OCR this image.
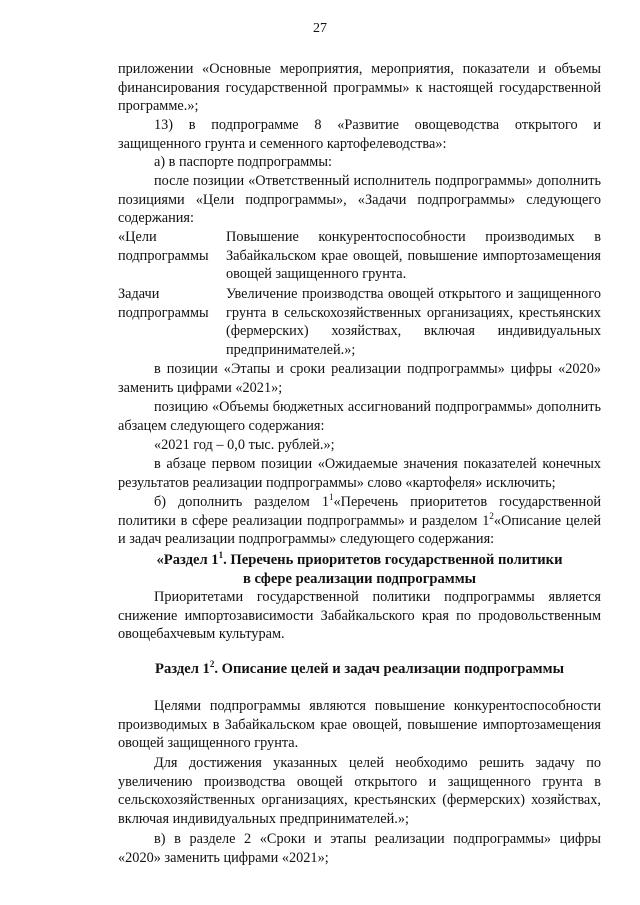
27

приложении «Основные мероприятия, мероприятия, показатели и объемы финансирования государственной программы» к настоящей государственной программе.»;

13) в подпрограмме 8 «Развитие овощеводства открытого и защищенного грунта и семенного картофелеводства»:

а) в паспорте подпрограммы:

после позиции «Ответственный исполнитель подпрограммы» дополнить позициями «Цели подпрограммы», «Задачи подпрограммы» следующего содержания:

«Цели подпрограммы
Повышение конкурентоспособности производимых в Забайкальском крае овощей, повышение импортозамещения овощей защищенного грунта.
Задачи подпрограммы
Увеличение производства овощей открытого и защищенного грунта в сельскохозяйственных организациях, крестьянских (фермерских) хозяйствах, включая индивидуальных предпринимателей.»;

в позиции «Этапы и сроки реализации подпрограммы» цифры «2020» заменить цифрами «2021»;

позицию «Объемы бюджетных ассигнований подпрограммы» дополнить абзацем следующего содержания:

«2021 год – 0,0 тыс. рублей.»;

в абзаце первом позиции «Ожидаемые значения показателей конечных результатов реализации подпрограммы» слово «картофеля» исключить;

б) дополнить разделом $1^1«Перечень$ приоритетов государственной политики в сфере реализации подпрограммы» и разделом $1^2«Описание$ целей и задач реализации подпрограммы» следующего содержания:

«Раздел $1^1$. Перечень приоритетов государственной политики

в сфере реализации подпрограммы

Приоритетами государственной политики подпрограммы является снижение импортозависимости Забайкальского края по продовольственным овощебахчевым культурам.

Раздел $1^2$. Описание целей и задач реализации подпрограммы

Целями подпрограммы являются повышение конкурентоспособности производимых в Забайкальском крае овощей, повышение импортозамещения овощей защищенного грунта.

Для достижения указанных целей необходимо решить задачу по увеличению производства овощей открытого и защищенного грунта в сельскохозяйственных организациях, крестьянских (фермерских) хозяйствах, включая индивидуальных предпринимателей.»;

в) в разделе 2 «Сроки и этапы реализации подпрограммы» цифры «2020» заменить цифрами «2021»;
